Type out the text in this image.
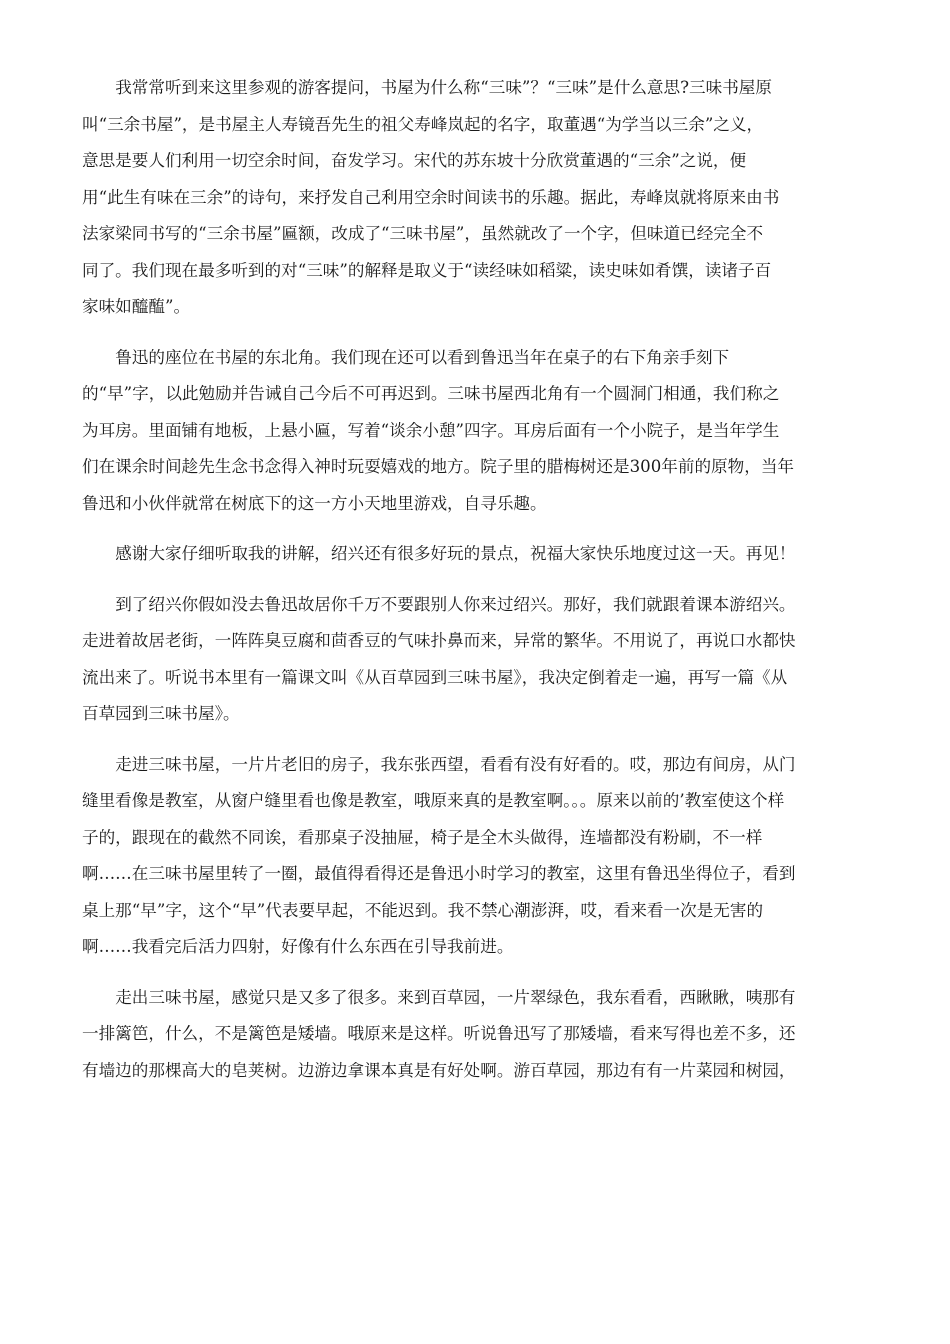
我常常听到来这里参观的游客提问，书屋为什么称“三味”？“三味”是什么意思?三味书屋原
叫“三余书屋”，是书屋主人寿镜吾先生的祖父寿峰岚起的名字，取董遇“为学当以三余”之义，
意思是要人们利用一切空余时间，奋发学习。宋代的苏东坡十分欣赏董遇的“三余”之说，便
用“此生有味在三余”的诗句，来抒发自己利用空余时间读书的乐趣。据此，寿峰岚就将原来由书
法家梁同书写的“三余书屋”匾额，改成了“三味书屋”，虽然就改了一个字，但味道已经完全不
同了。我们现在最多听到的对“三味”的解释是取义于“读经味如稻粱，读史味如肴馔，读诸子百
家味如醯醢”。

鲁迅的座位在书屋的东北角。我们现在还可以看到鲁迅当年在桌子的右下角亲手刻下
的“早”字，以此勉励并告诫自己今后不可再迟到。三味书屋西北角有一个圆洞门相通，我们称之
为耳房。里面铺有地板，上悬小匾，写着“谈余小憩”四字。耳房后面有一个小院子，是当年学生
们在课余时间趁先生念书念得入神时玩耍嬉戏的地方。院子里的腊梅树还是300年前的原物，当年
鲁迅和小伙伴就常在树底下的这一方小天地里游戏，自寻乐趣。

感谢大家仔细听取我的讲解，绍兴还有很多好玩的景点，祝福大家快乐地度过这一天。再见！

到了绍兴你假如没去鲁迅故居你千万不要跟别人你来过绍兴。那好，我们就跟着课本游绍兴。
走进着故居老街，一阵阵臭豆腐和茴香豆的气味扑鼻而来，异常的繁华。不用说了，再说口水都快
流出来了。听说书本里有一篇课文叫《从百草园到三味书屋》，我决定倒着走一遍，再写一篇《从
百草园到三味书屋》。

走进三味书屋，一片片老旧的房子，我东张西望，看看有没有好看的。哎，那边有间房，从门
缝里看像是教室，从窗户缝里看也像是教室，哦原来真的是教室啊。。。原来以前的’教室使这个样
子的，跟现在的截然不同诶，看那桌子没抽屉，椅子是全木头做得，连墙都没有粉刷，不一样
啊……在三味书屋里转了一圈，最值得看得还是鲁迅小时学习的教室，这里有鲁迅坐得位子，看到
桌上那“早”字，这个“早”代表要早起，不能迟到。我不禁心潮澎湃，哎，看来看一次是无害的
啊……我看完后活力四射，好像有什么东西在引导我前进。

走出三味书屋，感觉只是又多了很多。来到百草园，一片翠绿色，我东看看，西瞅瞅，咦那有
一排篱笆，什么，不是篱笆是矮墙。哦原来是这样。听说鲁迅写了那矮墙，看来写得也差不多，还
有墙边的那棵高大的皂荚树。边游边拿课本真是有好处啊。游百草园，那边有有一片菜园和树园，
